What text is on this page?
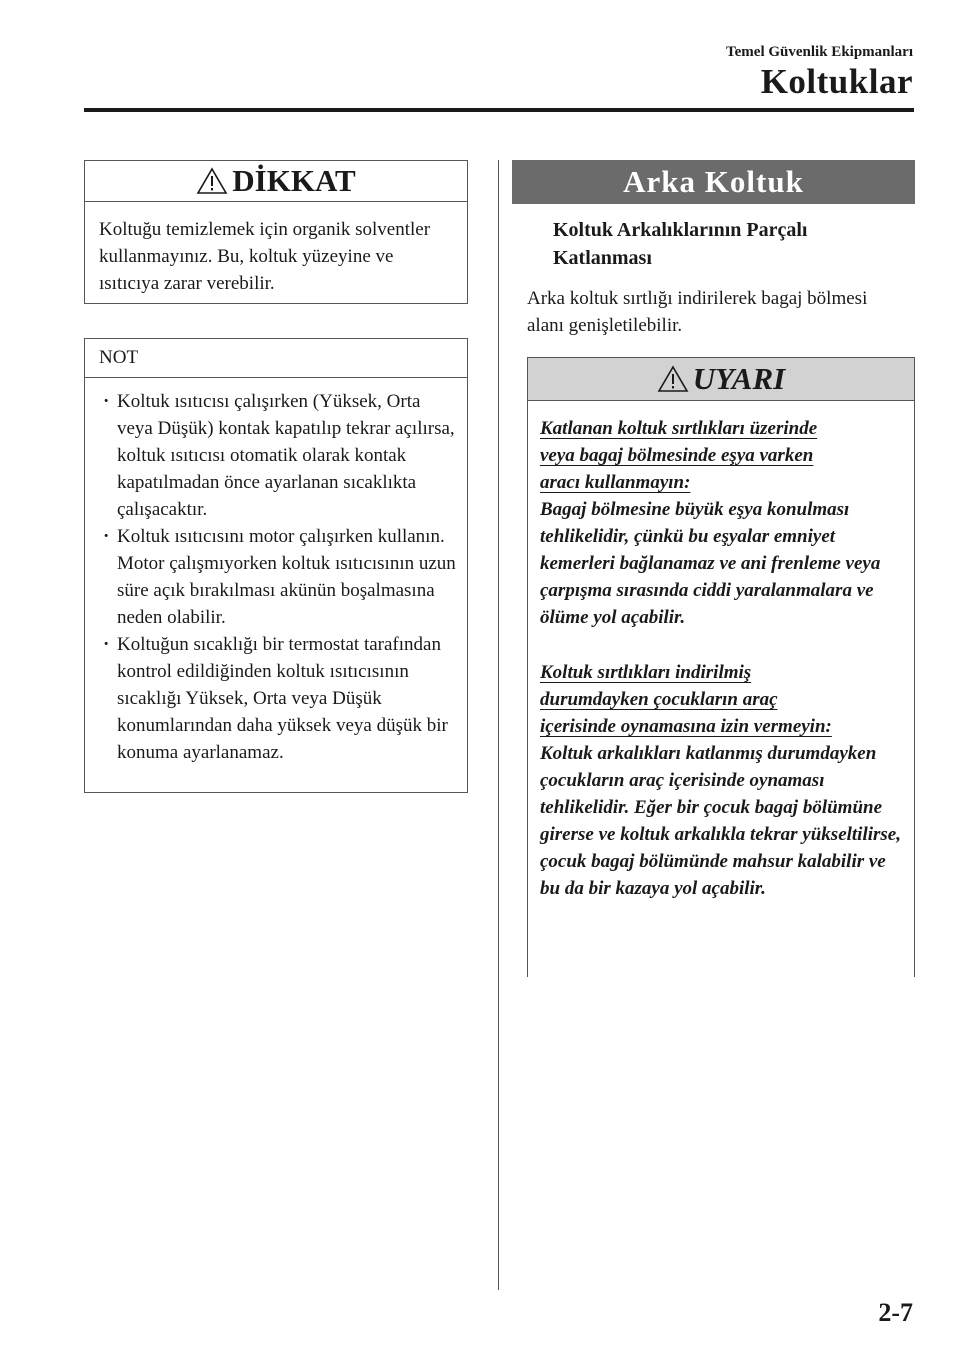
Temel Güvenlik Ekipmanları
Koltuklar
DİKKAT
Koltuğu temizlemek için organik solventler kullanmayınız. Bu, koltuk yüzeyine ve ısıtıcıya zarar verebilir.
NOT
· Koltuk ısıtıcısı çalışırken (Yüksek, Orta veya Düşük) kontak kapatılıp tekrar açılırsa, koltuk ısıtıcısı otomatik olarak kontak kapatılmadan önce ayarlanan sıcaklıkta çalışacaktır.
· Koltuk ısıtıcısını motor çalışırken kullanın. Motor çalışmıyorken koltuk ısıtıcısının uzun süre açık bırakılması akünün boşalmasına neden olabilir.
· Koltuğun sıcaklığı bir termostat tarafından kontrol edildiğinden koltuk ısıtıcısının sıcaklığı Yüksek, Orta veya Düşük konumlarından daha yüksek veya düşük bir konuma ayarlanamaz.
Arka Koltuk
Koltuk Arkalıklarının Parçalı Katlanması
Arka koltuk sırtlığı indirilerek bagaj bölmesi alanı genişletilebilir.
UYARI
Katlanan koltuk sırtlıkları üzerinde
veya bagaj bölmesinde eşya varken
aracı kullanmayın:
Bagaj bölmesine büyük eşya konulması tehlikelidir, çünkü bu eşyalar emniyet kemerleri bağlanamaz ve ani frenleme veya çarpışma sırasında ciddi yaralanmalara ve ölüme yol açabilir.
Koltuk sırtlıkları indirilmiş
durumdayken çocukların araç
içerisinde oynamasına izin vermeyin:
Koltuk arkalıkları katlanmış durumdayken çocukların araç içerisinde oynaması tehlikelidir. Eğer bir çocuk bagaj bölümüne girerse ve koltuk arkalıkla tekrar yükseltilirse, çocuk bagaj bölümünde mahsur kalabilir ve bu da bir kazaya yol açabilir.
2-7
